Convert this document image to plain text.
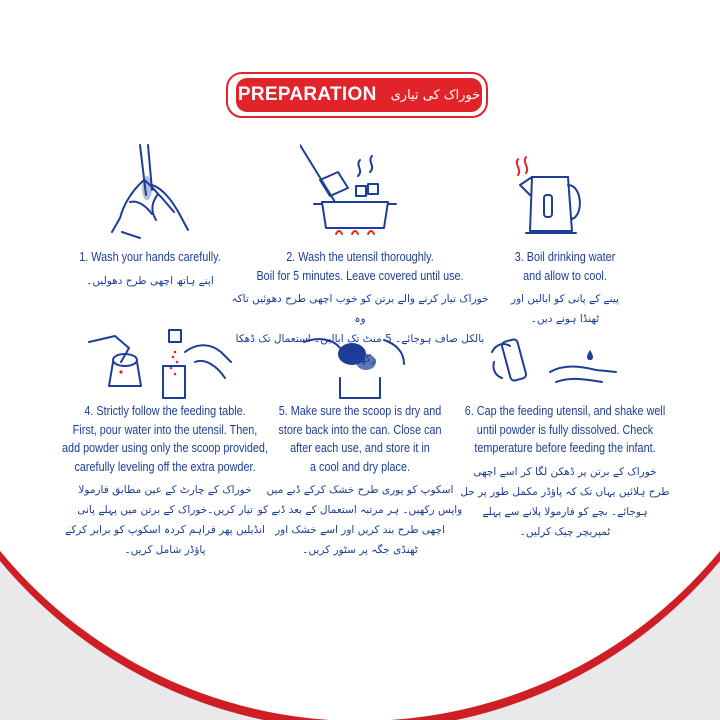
PREPARATION خوراک کی تیاری
1. Wash your hands carefully.
اپنے ہاتھ اچھی طرح دھولیں۔
2. Wash the utensil thoroughly.
Boil for 5 minutes. Leave covered until use.
خوراک تیار کرنے والے برتن کو خوب اچھی طرح دھوئیں تاکہ وہ
بالکل صاف ہوجائے۔ 5 منٹ تک ابالیں۔ استعمال تک ڈھکا رکھیں۔
3. Boil drinking water
and allow to cool.
پینے کے پانی کو ابالیں اور
ٹھنڈا ہونے دیں۔
4. Strictly follow the feeding table.
First, pour water into the utensil. Then,
add powder using only the scoop provided,
carefully leveling off the extra powder.
خوراک کے چارٹ کے عین مطابق فارمولا
تیار کریں۔خوراک کے برتن میں پہلے پانی
انڈیلیں پھر فراہم کردہ اسکوپ کو برابر کرکے
پاؤڈر شامل کریں۔
5. Make sure the scoop is dry and
store back into the can. Close can
after each use, and store it in
a cool and dry place.
اسکوپ کو پوری طرح خشک کرکے ڈبے میں
واپس رکھیں۔ ہر مرتبہ استعمال کے بعد ڈبے کو
اچھی طرح بند کریں اور اسے خشک اور
ٹھنڈی جگہ پر سٹور کریں۔
6. Cap the feeding utensil, and shake well
until powder is fully dissolved. Check
temperature before feeding the infant.
خوراک کے برتن پر ڈھکن لگا کر اسے اچھی
طرح ہلائیں یہاں تک کہ پاؤڈر مکمل طور پر حل
ہوجائے۔ بچے کو فارمولا پلانے سے پہلے
ٹمپریچر چیک کرلیں۔
